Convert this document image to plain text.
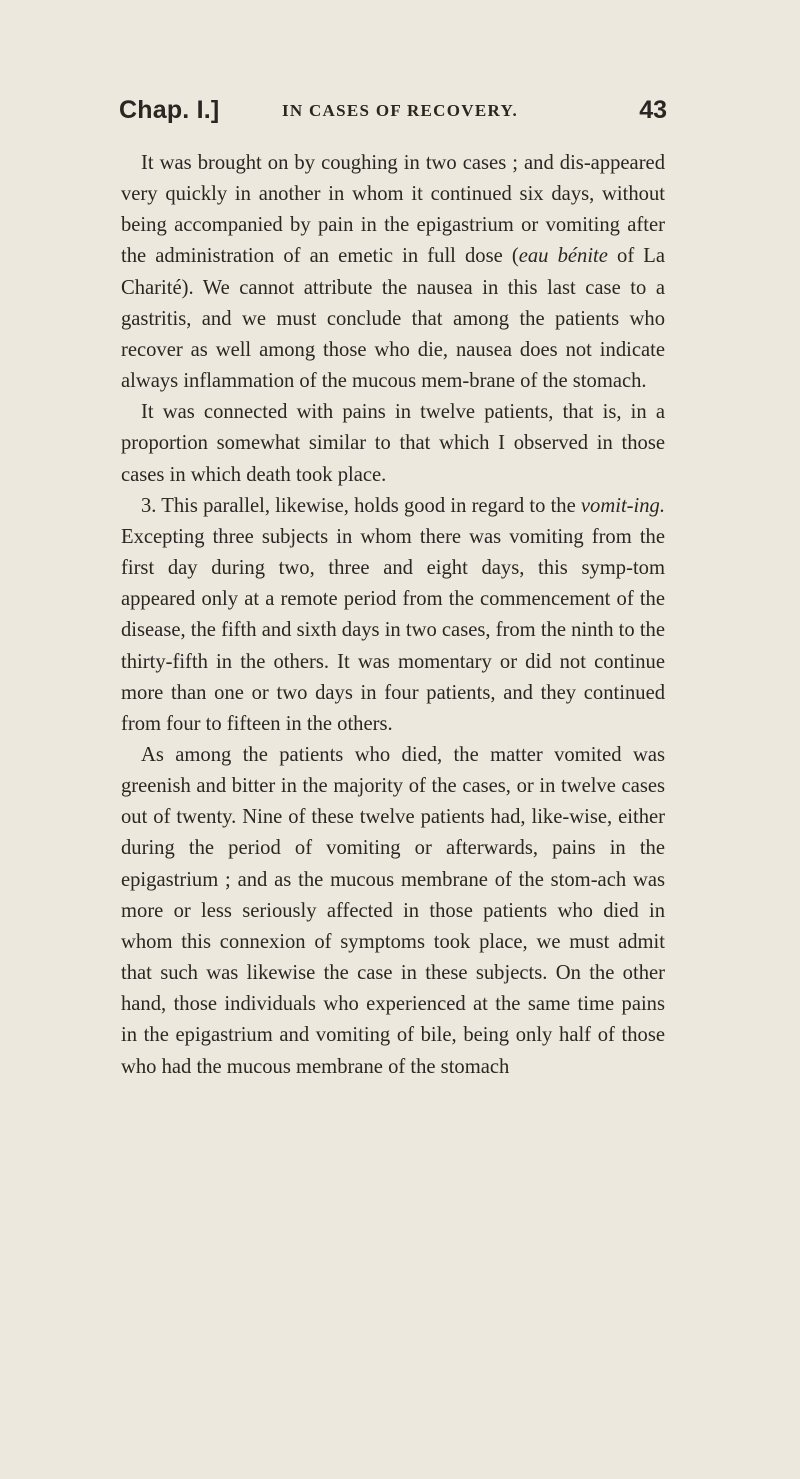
Chap. I.]	IN CASES OF RECOVERY.	43

It was brought on by coughing in two cases ; and dis-appeared very quickly in another in whom it continued six days, without being accompanied by pain in the epigastrium or vomiting after the administration of an emetic in full dose (eau bénite of La Charité). We cannot attribute the nausea in this last case to a gastritis, and we must conclude that among the patients who recover as well among those who die, nausea does not indicate always inflammation of the mucous mem-brane of the stomach.

It was connected with pains in twelve patients, that is, in a proportion somewhat similar to that which I observed in those cases in which death took place.

3. This parallel, likewise, holds good in regard to the vomit-ing. Excepting three subjects in whom there was vomiting from the first day during two, three and eight days, this symp-tom appeared only at a remote period from the commencement of the disease, the fifth and sixth days in two cases, from the ninth to the thirty-fifth in the others. It was momentary or did not continue more than one or two days in four patients, and they continued from four to fifteen in the others.

As among the patients who died, the matter vomited was greenish and bitter in the majority of the cases, or in twelve cases out of twenty. Nine of these twelve patients had, like-wise, either during the period of vomiting or afterwards, pains in the epigastrium ; and as the mucous membrane of the stom-ach was more or less seriously affected in those patients who died in whom this connexion of symptoms took place, we must admit that such was likewise the case in these subjects. On the other hand, those individuals who experienced at the same time pains in the epigastrium and vomiting of bile, being only half of those who had the mucous membrane of the stomach
